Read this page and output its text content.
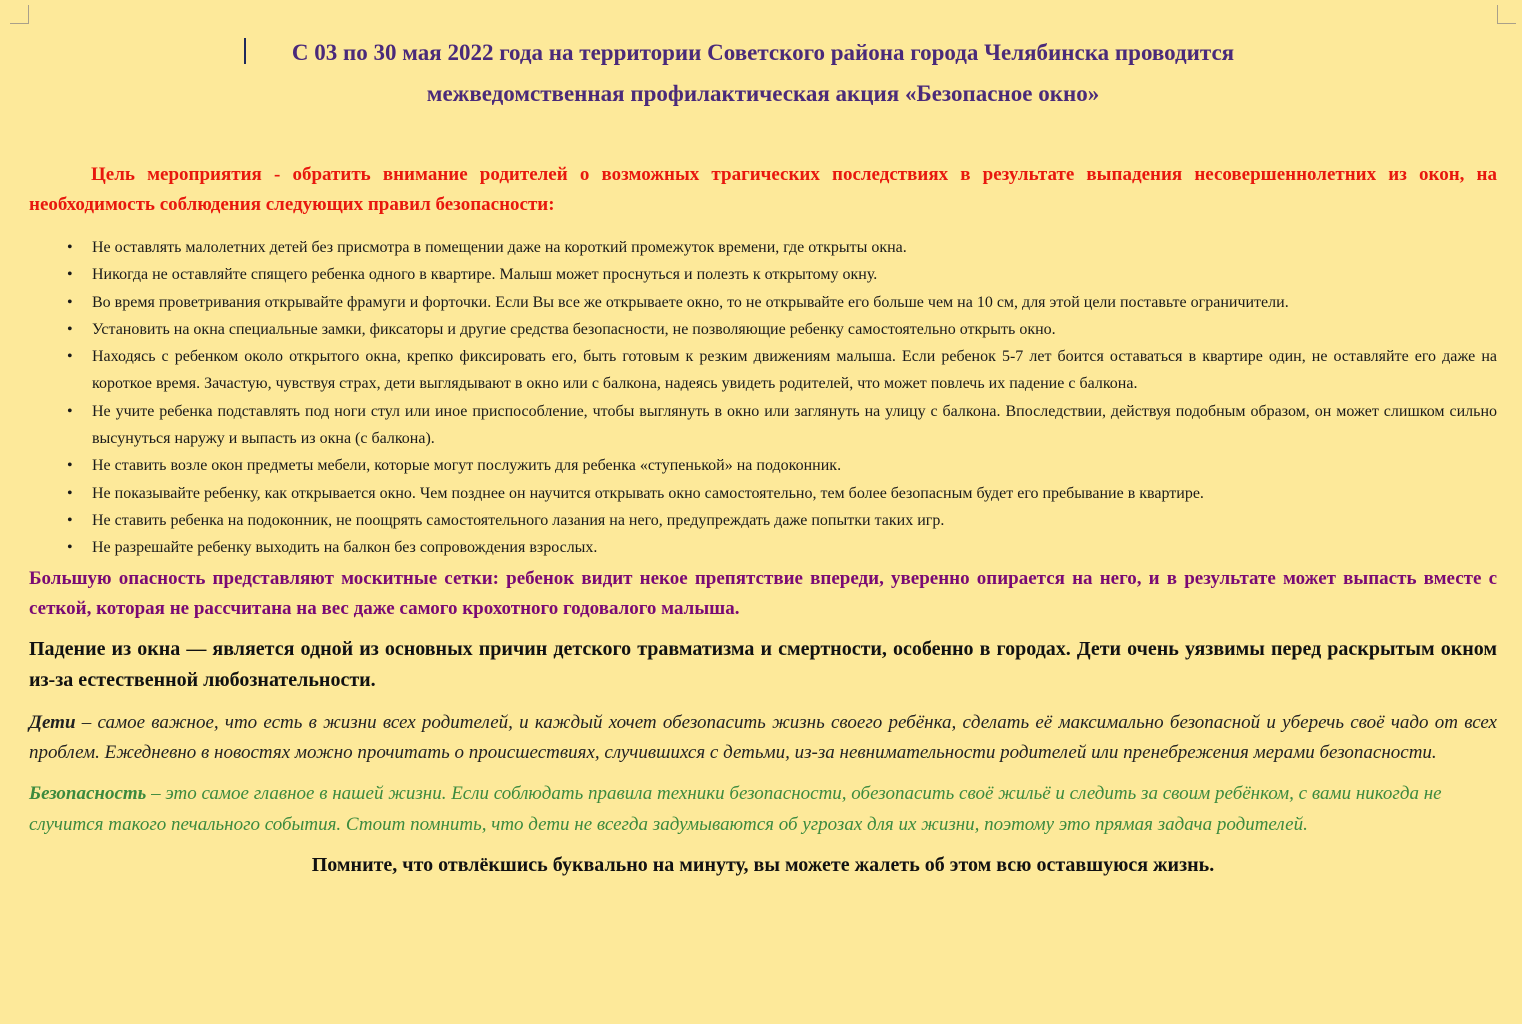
С 03 по 30 мая 2022 года на территории Советского района города Челябинска проводится
межведомственная профилактическая акция «Безопасное окно»

Цель мероприятия - обратить внимание родителей о возможных трагических последствиях в результате выпадения несовершеннолетних из окон, на необходимость соблюдения следующих правил безопасности:

• Не оставлять малолетних детей без присмотра в помещении даже на короткий промежуток времени, где открыты окна.
• Никогда не оставляйте спящего ребенка одного в квартире. Малыш может проснуться и полезть к открытому окну.
• Во время проветривания открывайте фрамуги и форточки. Если Вы все же открываете окно, то не открывайте его больше чем на 10 см, для этой цели поставьте ограничители.
• Установить на окна специальные замки, фиксаторы и другие средства безопасности, не позволяющие ребенку самостоятельно открыть окно.
• Находясь с ребенком около открытого окна, крепко фиксировать его, быть готовым к резким движениям малыша. Если ребенок 5-7 лет боится оставаться в квартире один, не оставляйте его даже на короткое время. Зачастую, чувствуя страх, дети выглядывают в окно или с балкона, надеясь увидеть родителей, что может повлечь их падение с балкона.
• Не учите ребенка подставлять под ноги стул или иное приспособление, чтобы выглянуть в окно или заглянуть на улицу с балкона. Впоследствии, действуя подобным образом, он может слишком сильно высунуться наружу и выпасть из окна (с балкона).
• Не ставить возле окон предметы мебели, которые могут послужить для ребенка «ступенькой» на подоконник.
• Не показывайте ребенку, как открывается окно. Чем позднее он научится открывать окно самостоятельно, тем более безопасным будет его пребывание в квартире.
• Не ставить ребенка на подоконник, не поощрять самостоятельного лазания на него, предупреждать даже попытки таких игр.
• Не разрешайте ребенку выходить на балкон без сопровождения взрослых.

Большую опасность представляют москитные сетки: ребенок видит некое препятствие впереди, уверенно опирается на него, и в результате может выпасть вместе с сеткой, которая не рассчитана на вес даже самого крохотного годовалого малыша.

Падение из окна — является одной из основных причин детского травматизма и смертности, особенно в городах. Дети очень уязвимы перед раскрытым окном из-за естественной любознательности.

Дети – самое важное, что есть в жизни всех родителей, и каждый хочет обезопасить жизнь своего ребёнка, сделать её максимально безопасной и уберечь своё чадо от всех проблем. Ежедневно в новостях можно прочитать о происшествиях, случившихся с детьми, из-за невнимательности родителей или пренебрежения мерами безопасности.

Безопасность – это самое главное в нашей жизни. Если соблюдать правила техники безопасности, обезопасить своё жильё и следить за своим ребёнком, с вами никогда не случится такого печального события. Стоит помнить, что дети не всегда задумываются об угрозах для их жизни, поэтому это прямая задача родителей.

Помните, что отвлёкшись буквально на минуту, вы можете жалеть об этом всю оставшуюся жизнь.
